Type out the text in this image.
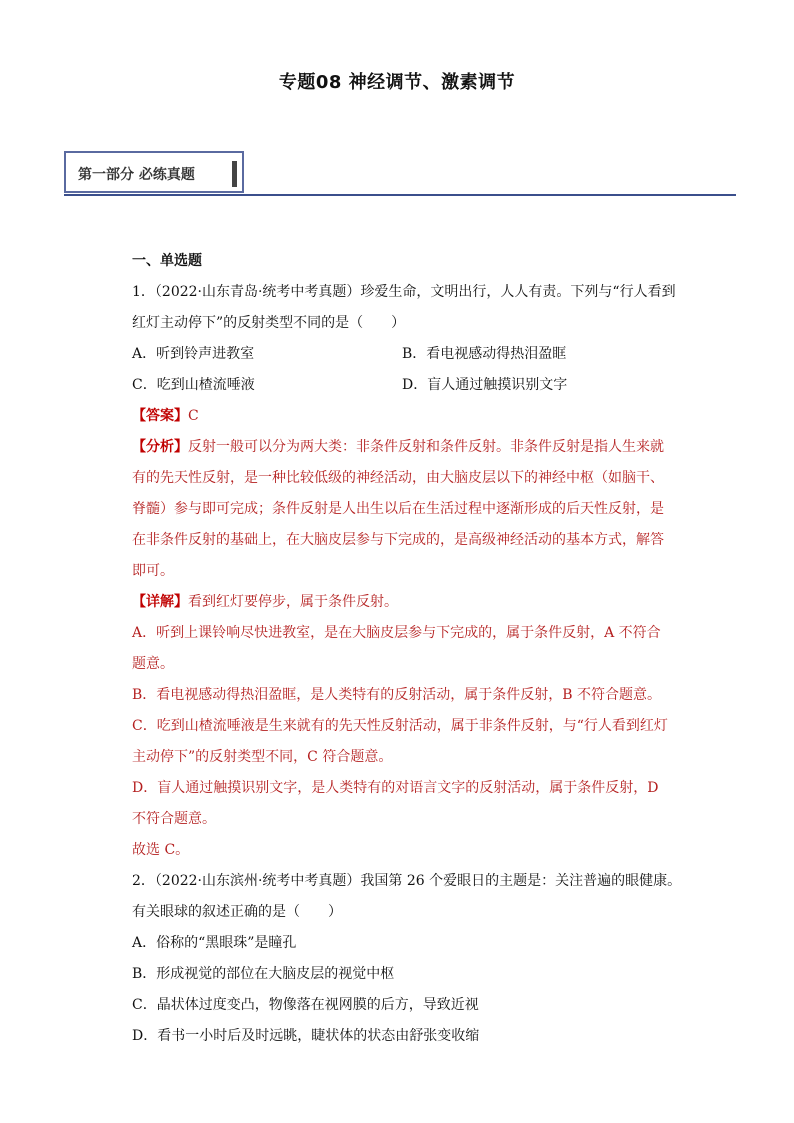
专题08 神经调节、激素调节
第一部分 必练真题
一、单选题
1．（2022·山东青岛·统考中考真题）珍爱生命，文明出行，人人有责。下列与“行人看到
红灯主动停下”的反射类型不同的是（　　）
A．听到铃声进教室	B．看电视感动得热泪盈眶
C．吃到山楂流唾液	D．盲人通过触摸识别文字
【答案】C
【分析】反射一般可以分为两大类：非条件反射和条件反射。非条件反射是指人生来就
有的先天性反射，是一种比较低级的神经活动，由大脑皮层以下的神经中枢（如脑干、
脊髓）参与即可完成；条件反射是人出生以后在生活过程中逐渐形成的后天性反射，是
在非条件反射的基础上，在大脑皮层参与下完成的，是高级神经活动的基本方式，解答
即可。
【详解】看到红灯要停步，属于条件反射。
A．听到上课铃响尽快进教室，是在大脑皮层参与下完成的，属于条件反射，A 不符合
题意。
B．看电视感动得热泪盈眶，是人类特有的反射活动，属于条件反射，B 不符合题意。
C．吃到山楂流唾液是生来就有的先天性反射活动，属于非条件反射，与“行人看到红灯
主动停下”的反射类型不同，C 符合题意。
D．盲人通过触摸识别文字，是人类特有的对语言文字的反射活动，属于条件反射，D
不符合题意。
故选 C。
2．（2022·山东滨州·统考中考真题）我国第 26 个爱眼日的主题是：关注普遍的眼健康。
有关眼球的叙述正确的是（　　）
A．俗称的“黑眼珠”是瞳孔
B．形成视觉的部位在大脑皮层的视觉中枢
C．晶状体过度变凸，物像落在视网膜的后方，导致近视
D．看书一小时后及时远眺，睫状体的状态由舒张变收缩
